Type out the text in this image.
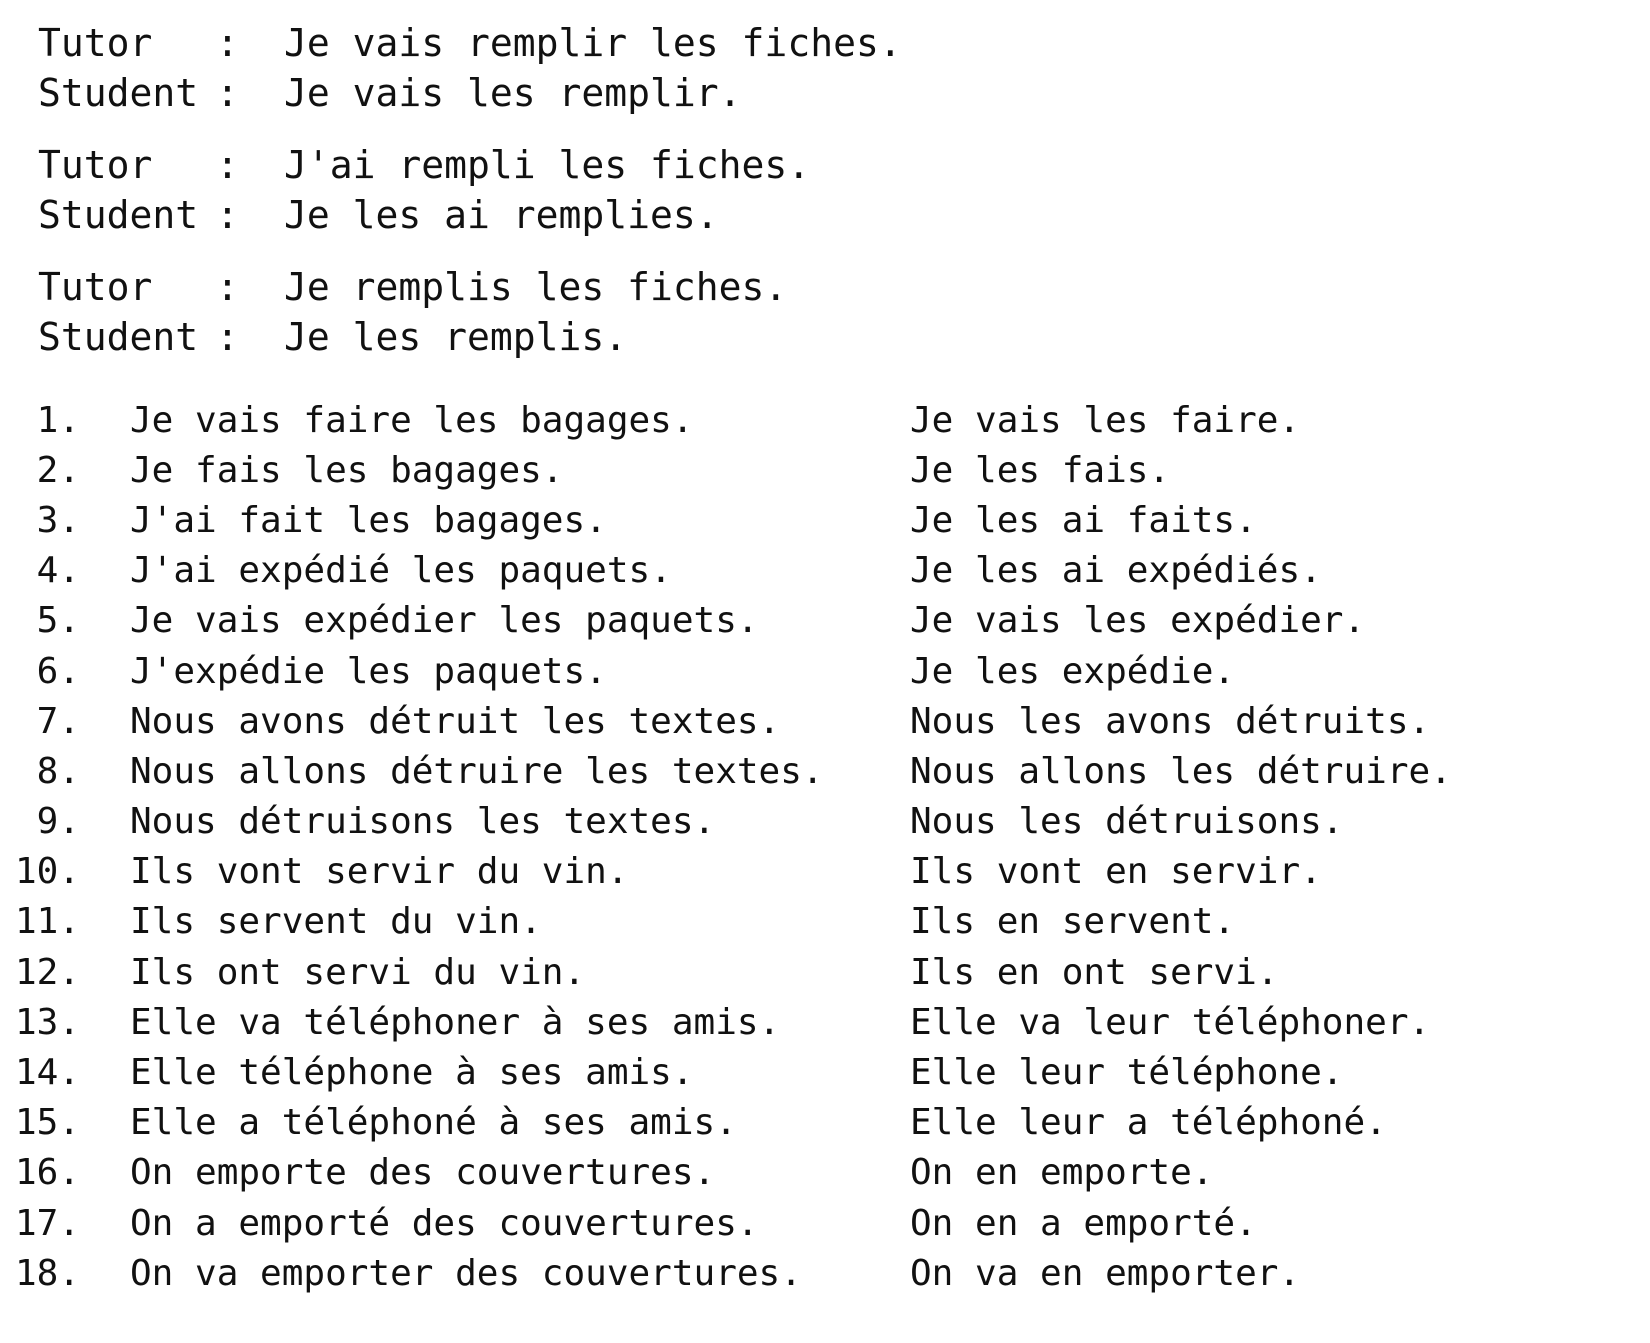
Tutor	:	Je vais remplir les fiches.
Student :	Je vais les remplir.
Tutor	:	J'ai rempli les fiches.
Student :	Je les ai remplies.
Tutor	:	Je remplis les fiches.
Student :	Je les remplis.
1.	Je vais faire les bagages.	Je vais les faire.
2.	Je fais les bagages.	Je les fais.
3.	J'ai fait les bagages.	Je les ai faits.
4.	J'ai expédié les paquets.	Je les ai expédiés.
5.	Je vais expédier les paquets.	Je vais les expédier.
6.	J'expédie les paquets.	Je les expédie.
7.	Nous avons détruit les textes.	Nous les avons détruits.
8.	Nous allons détruire les textes.	Nous allons les détruire.
9.	Nous détruisons les textes.	Nous les détruisons.
10.	Ils vont servir du vin.	Ils vont en servir.
11.	Ils servent du vin.	Ils en servent.
12.	Ils ont servi du vin.	Ils en ont servi.
13.	Elle va téléphoner à ses amis.	Elle va leur téléphoner.
14.	Elle téléphone à ses amis.	Elle leur téléphone.
15.	Elle a téléphoné à ses amis.	Elle leur a téléphoné.
16.	On emporte des couvertures.	On en emporte.
17.	On a emporté des couvertures.	On en a emporté.
18.	On va emporter des couvertures.	On va en emporter.
